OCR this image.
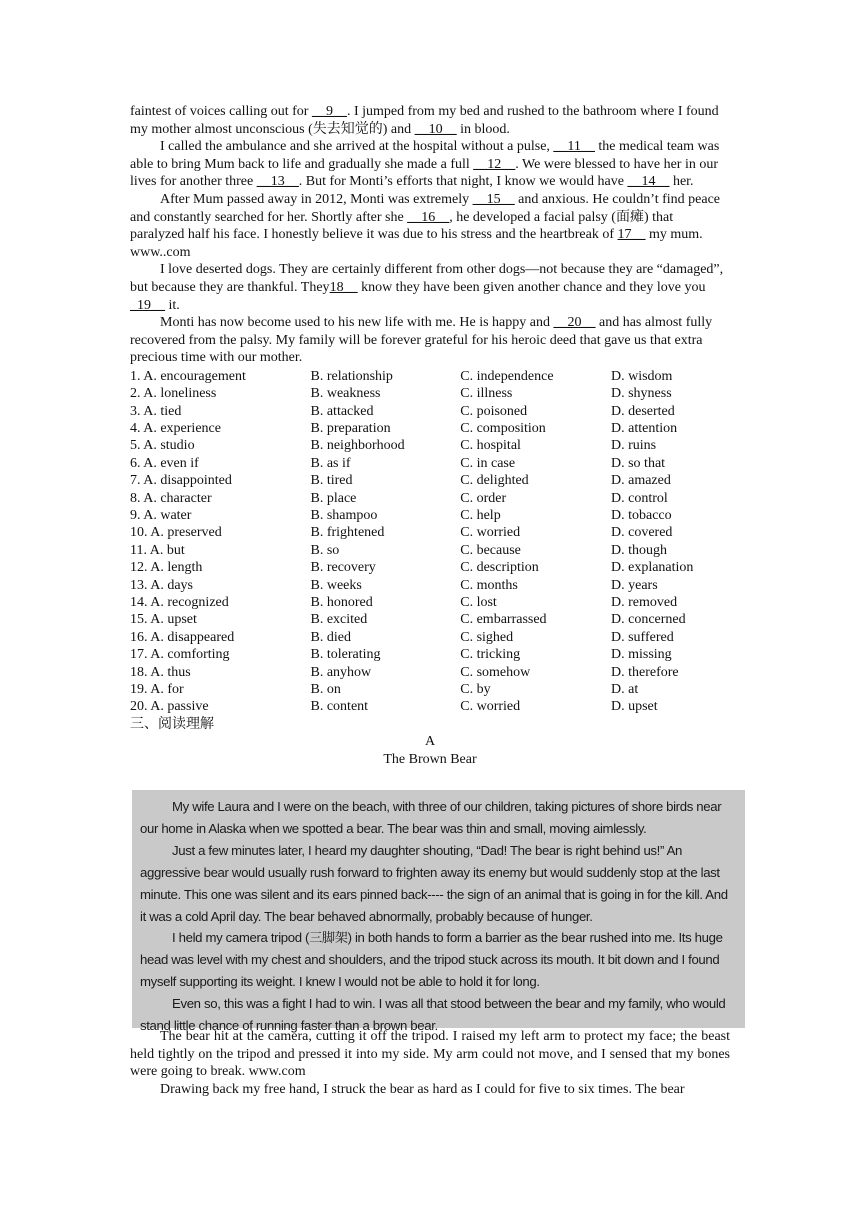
faintest of voices calling out for __9__. I jumped from my bed and rushed to the bathroom where I found my mother almost unconscious (失去知觉的) and __10__ in blood.

I called the ambulance and she arrived at the hospital without a pulse, __11__ the medical team was able to bring Mum back to life and gradually she made a full __12__. We were blessed to have her in our lives for another three __13__. But for Monti’s efforts that night, I know we would have __14__ her.

After Mum passed away in 2012, Monti was extremely __15__ and anxious. He couldn’t find peace and constantly searched for her. Shortly after she __16__, he developed a facial palsy (面瘫) that paralyzed half his face. I honestly believe it was due to his stress and the heartbreak of 17__ my mum. www..com

I love deserted dogs. They are certainly different from other dogs—not because they are “damaged”, but because they are thankful. They18__ know they have been given another chance and they love you _19__ it.

Monti has now become used to his new life with me. He is happy and __20__ and has almost fully recovered from the palsy. My family will be forever grateful for his heroic deed that gave us that extra precious time with our mother.

1. A. encouragement	B. relationship	C. independence	D. wisdom
2. A. loneliness	B. weakness	C. illness	D. shyness
3. A. tied	B. attacked	C. poisoned	D. deserted
4. A. experience	B. preparation	C. composition	D. attention
5. A. studio	B. neighborhood	C. hospital	D. ruins
6. A. even if	B. as if	C. in case	D. so that
7. A. disappointed	B. tired	C. delighted	D. amazed
8. A. character	B. place	C. order	D. control
9. A. water	B. shampoo	C. help	D. tobacco
10. A. preserved	B. frightened	C. worried	D. covered
11. A. but	B. so	C. because	D. though
12. A. length	B. recovery	C. description	D. explanation
13. A. days	B. weeks	C. months	D. years
14. A. recognized	B. honored	C. lost	D. removed
15. A. upset	B. excited	C. embarrassed	D. concerned
16. A. disappeared	B. died	C. sighed	D. suffered
17. A. comforting	B. tolerating	C. tricking	D. missing
18. A. thus	B. anyhow	C. somehow	D. therefore
19. A. for	B. on	C. by	D. at
20. A. passive	B. content	C. worried	D. upset
三、阅读理解
A
The Brown Bear

My wife Laura and I were on the beach, with three of our children, taking pictures of shore birds near our home in Alaska when we spotted a bear. The bear was thin and small, moving aimlessly.

Just a few minutes later, I heard my daughter shouting, “Dad! The bear is right behind us!” An aggressive bear would usually rush forward to frighten away its enemy but would suddenly stop at the last minute. This one was silent and its ears pinned back---- the sign of an animal that is going in for the kill. And it was a cold April day. The bear behaved abnormally, probably because of hunger.

I held my camera tripod (三脚架) in both hands to form a barrier as the bear rushed into me. Its huge head was level with my chest and shoulders, and the tripod stuck across its mouth. It bit down and I found myself supporting its weight. I knew I would not be able to hold it for long.

Even so, this was a fight I had to win. I was all that stood between the bear and my family, who would stand little chance of running faster than a brown bear.

The bear hit at the camera, cutting it off the tripod. I raised my left arm to protect my face; the beast held tightly on the tripod and pressed it into my side. My arm could not move, and I sensed that my bones were going to break. www.com

Drawing back my free hand, I struck the bear as hard as I could for five to six times. The bear
